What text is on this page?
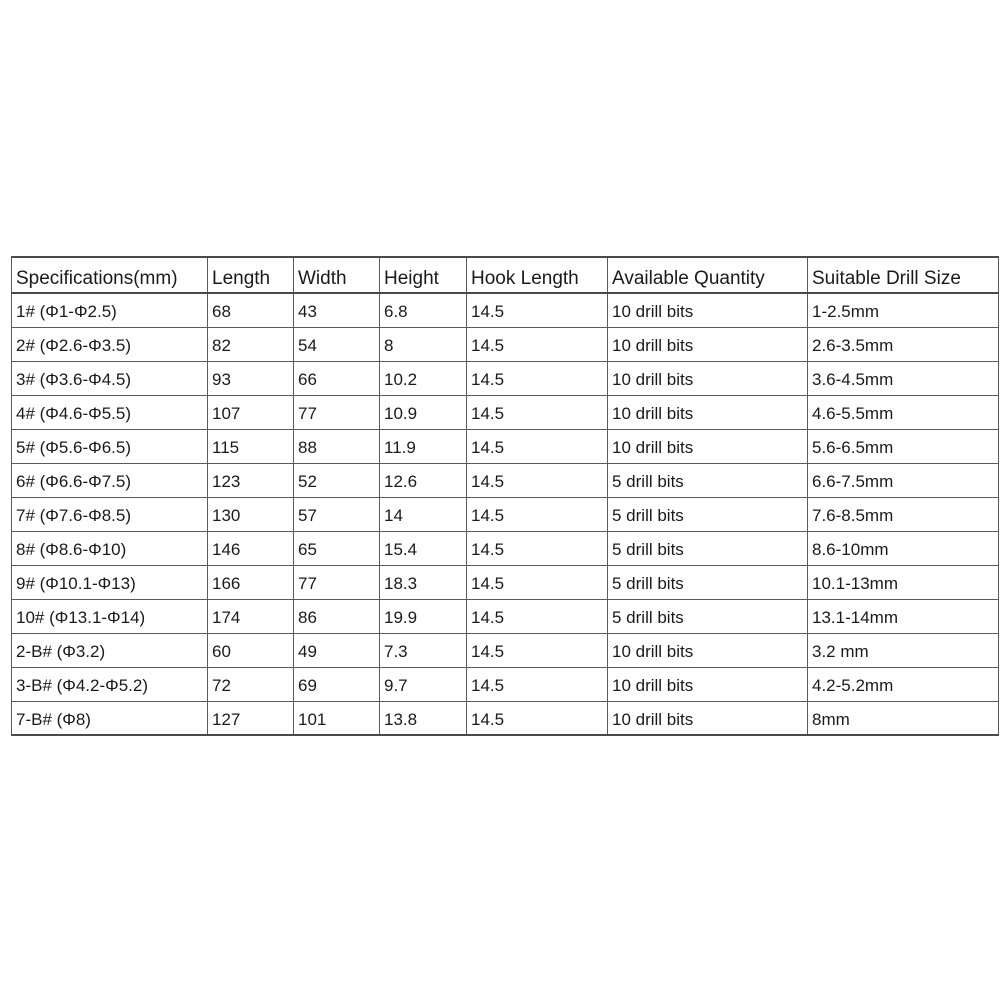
Specifications(mm)	Length	Width	Height	Hook Length	Available Quantity	Suitable Drill Size
1# (Φ1-Φ2.5)	68	43	6.8	14.5	10 drill bits	1-2.5mm
2# (Φ2.6-Φ3.5)	82	54	8	14.5	10 drill bits	2.6-3.5mm
3# (Φ3.6-Φ4.5)	93	66	10.2	14.5	10 drill bits	3.6-4.5mm
4# (Φ4.6-Φ5.5)	107	77	10.9	14.5	10 drill bits	4.6-5.5mm
5# (Φ5.6-Φ6.5)	115	88	11.9	14.5	10 drill bits	5.6-6.5mm
6# (Φ6.6-Φ7.5)	123	52	12.6	14.5	5 drill bits	6.6-7.5mm
7# (Φ7.6-Φ8.5)	130	57	14	14.5	5 drill bits	7.6-8.5mm
8# (Φ8.6-Φ10)	146	65	15.4	14.5	5 drill bits	8.6-10mm
9# (Φ10.1-Φ13)	166	77	18.3	14.5	5 drill bits	10.1-13mm
10# (Φ13.1-Φ14)	174	86	19.9	14.5	5 drill bits	13.1-14mm
2-B# (Φ3.2)	60	49	7.3	14.5	10 drill bits	3.2 mm
3-B# (Φ4.2-Φ5.2)	72	69	9.7	14.5	10 drill bits	4.2-5.2mm
7-B# (Φ8)	127	101	13.8	14.5	10 drill bits	8mm
